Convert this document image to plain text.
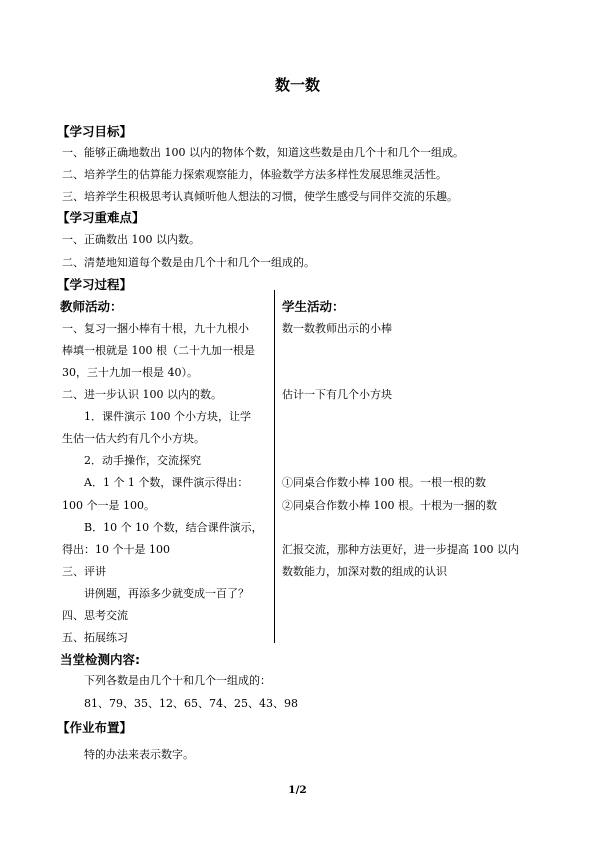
数一数
【学习目标】
一、能够正确地数出 100 以内的物体个数，知道这些数是由几个十和几个一组成。
二、培养学生的估算能力探索观察能力，体验数学方法多样性发展思维灵活性。
三、培养学生积极思考认真倾听他人想法的习惯，使学生感受与同伴交流的乐趣。
【学习重难点】
一、正确数出 100 以内数。
二、清楚地知道每个数是由几个十和几个一组成的。
【学习过程】
教师活动：	学生活动：
一、复习一捆小棒有十根，九十九根小
棒填一根就是 100 根（二十九加一根是
30，三十九加一根是 40）。
二、进一步认识 100 以内的数。
　　1．课件演示 100 个小方块，让学
生估一估大约有几个小方块。
　　2．动手操作，交流探究
　　A．1 个 1 个数，课件演示得出：
100 个一是 100。
　　B．10 个 10 个数，结合课件演示，
得出：10 个十是 100
三、评讲
　　讲例题，再添多少就变成一百了？
四、思考交流
五、拓展练习
数一数教师出示的小棒
估计一下有几个小方块
①同桌合作数小棒 100 根。一根一根的数
②同桌合作数小棒 100 根。十根为一捆的数
汇报交流，那种方法更好，进一步提高 100 以内
数数能力，加深对数的组成的认识
当堂检测内容:
　　下列各数是由几个十和几个一组成的：
　　81、79、35、12、65、74、25、43、98
【作业布置】
　　特的办法来表示数字。
1/2
